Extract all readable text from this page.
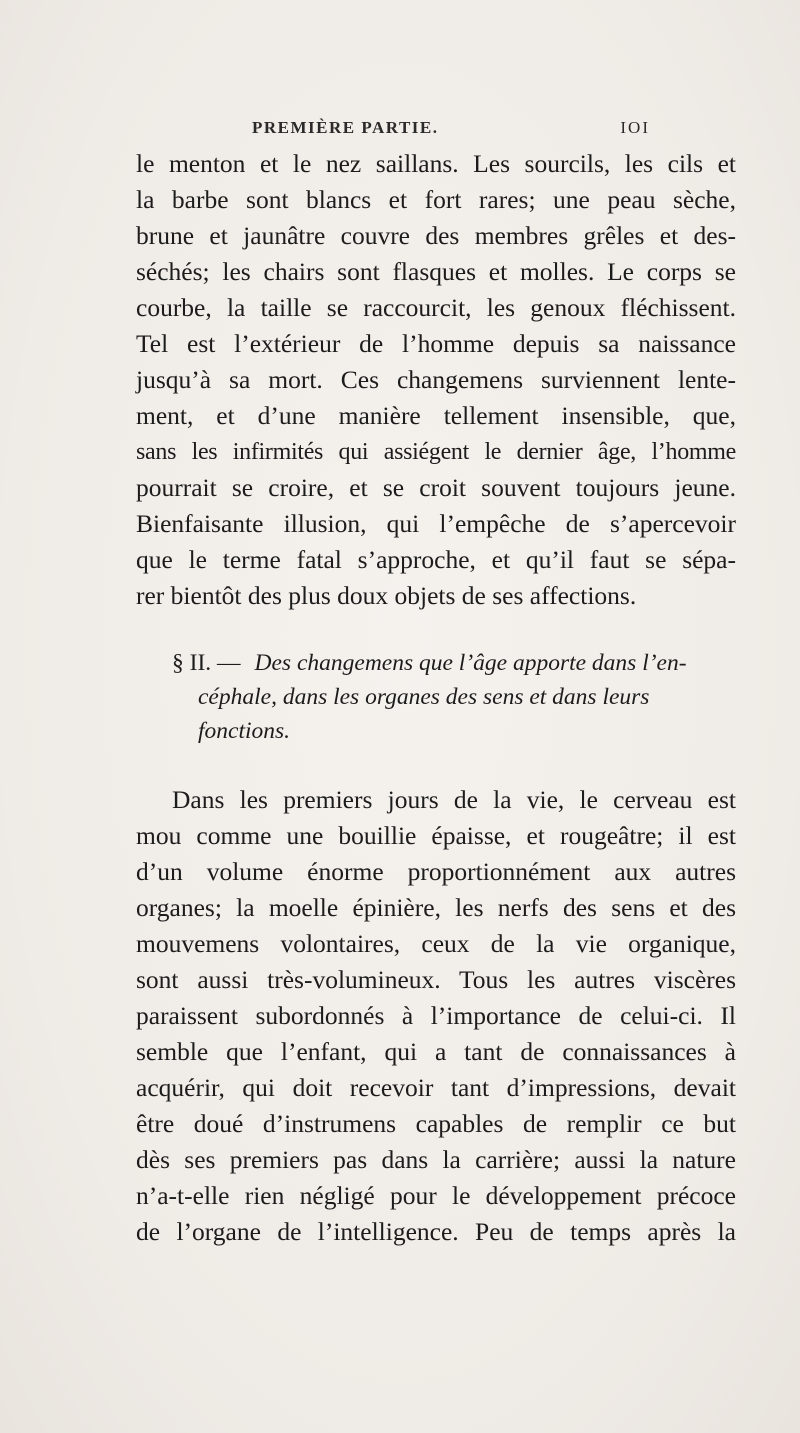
PREMIÈRE PARTIE.	IOI
le menton et le nez saillans. Les sourcils, les cils et
la barbe sont blancs et fort rares; une peau sèche,
brune et jaunâtre couvre des membres grêles et des-
séchés; les chairs sont flasques et molles. Le corps se
courbe, la taille se raccourcit, les genoux fléchissent.
Tel est l’extérieur de l’homme depuis sa naissance
jusqu’à sa mort. Ces changemens surviennent lente-
ment, et d’une manière tellement insensible, que,
sans les infirmités qui assiégent le dernier âge, l’homme
pourrait se croire, et se croit souvent toujours jeune.
Bienfaisante illusion, qui l’empêche de s’apercevoir
que le terme fatal s’approche, et qu’il faut se sépa-
rer bientôt des plus doux objets de ses affections.
§ II. — Des changemens que l’âge apporte dans l’en-
céphale, dans les organes des sens et dans leurs
fonctions.
Dans les premiers jours de la vie, le cerveau est
mou comme une bouillie épaisse, et rougeâtre; il est
d’un volume énorme proportionnément aux autres
organes; la moelle épinière, les nerfs des sens et des
mouvemens volontaires, ceux de la vie organique,
sont aussi très-volumineux. Tous les autres viscères
paraissent subordonnés à l’importance de celui-ci. Il
semble que l’enfant, qui a tant de connaissances à
acquérir, qui doit recevoir tant d’impressions, devait
être doué d’instrumens capables de remplir ce but
dès ses premiers pas dans la carrière; aussi la nature
n’a-t-elle rien négligé pour le développement précoce
de l’organe de l’intelligence. Peu de temps après la
